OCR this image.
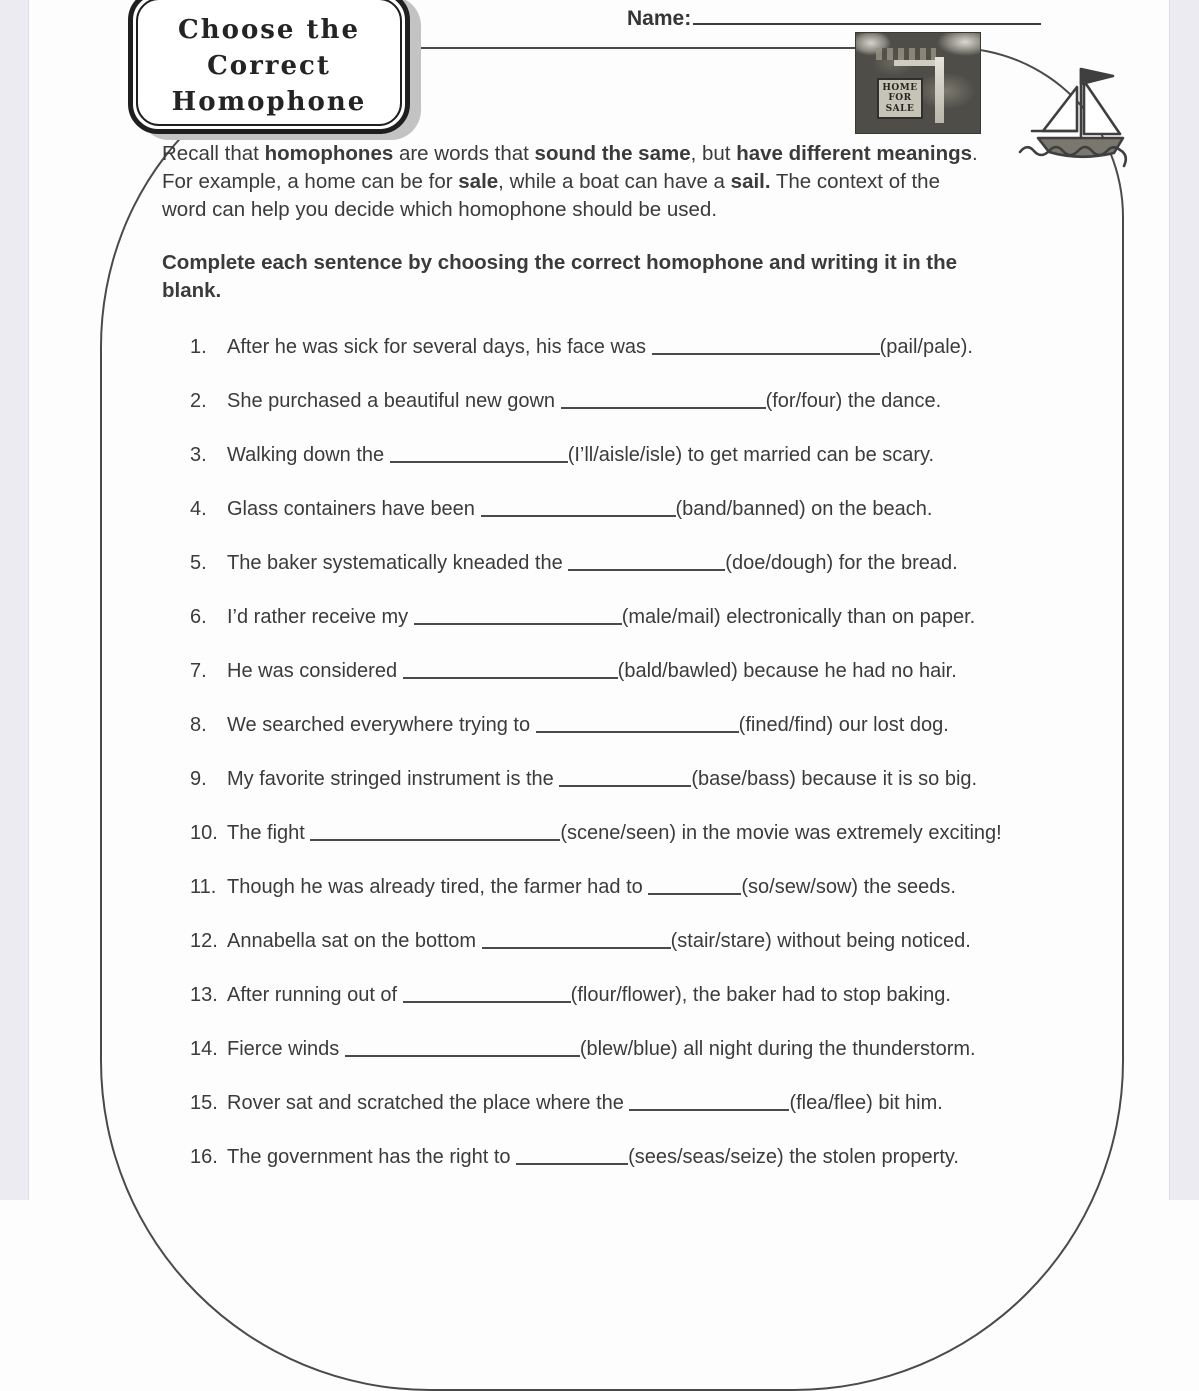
Name:
Choose the
Correct
Homophone	HOME
FOR
SALE
Recall that homophones are words that sound the same, but have different meanings. For example, a home can be for sale, while a boat can have a sail. The context of the word can help you decide which homophone should be used.
Complete each sentence by choosing the correct homophone and writing it in the blank.
1.	After he was sick for several days, his face was	(pail/pale).
2.	She purchased a beautiful new gown	(for/four) the dance.
3.	Walking down the	(I’ll/aisle/isle) to get married can be scary.
4.	Glass containers have been	(band/banned) on the beach.
5.	The baker systematically kneaded the	(doe/dough) for the bread.
6.	I’d rather receive my	(male/mail) electronically than on paper.
7.	He was considered	(bald/bawled) because he had no hair.
8.	We searched everywhere trying to	(fined/find) our lost dog.
9.	My favorite stringed instrument is the	(base/bass) because it is so big.
10. The fight	(scene/seen) in the movie was extremely exciting!
11. Though he was already tired, the farmer had to	(so/sew/sow) the seeds.
12. Annabella sat on the bottom	(stair/stare) without being noticed.
13. After running out of	(flour/flower), the baker had to stop baking.
14. Fierce winds	(blew/blue) all night during the thunderstorm.
15. Rover sat and scratched the place where the	(flea/flee) bit him.
16. The government has the right to	(sees/seas/seize) the stolen property.
